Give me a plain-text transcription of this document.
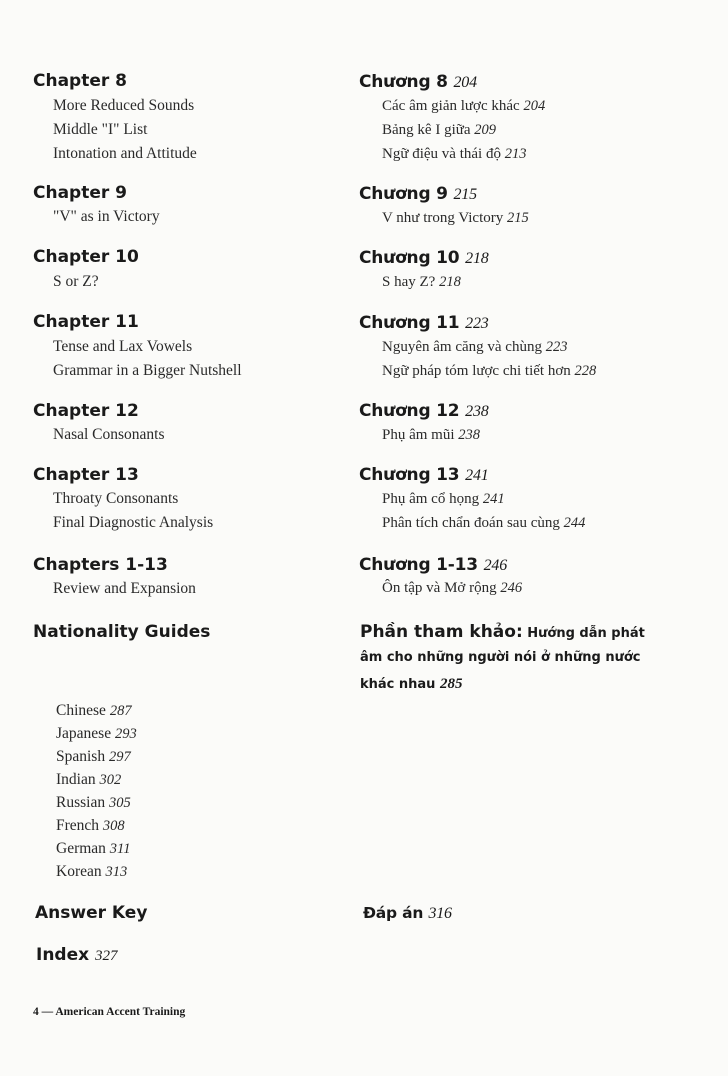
Chapter 8
More Reduced Sounds
Middle "I" List
Intonation and Attitude
Chapter 9
"V" as in Victory
Chapter 10
S or Z?
Chapter 11
Tense and Lax Vowels
Grammar in a Bigger Nutshell
Chapter 12
Nasal Consonants
Chapter 13
Throaty Consonants
Final Diagnostic Analysis
Chapters 1-13
Review and Expansion
Nationality Guides
Chinese 287
Japanese 293
Spanish 297
Indian 302
Russian 305
French 308
German 311
Korean 313
Answer Key
Index 327
Chương 8 204
Các âm giản lược khác 204
Bảng kê I giữa 209
Ngữ điệu và thái độ 213
Chương 9 215
V như trong Victory 215
Chương 10 218
S hay Z? 218
Chương 11 223
Nguyên âm căng và chùng 223
Ngữ pháp tóm lược chi tiết hơn 228
Chương 12 238
Phụ âm mũi 238
Chương 13 241
Phụ âm cổ họng 241
Phân tích chẩn đoán sau cùng 244
Chương 1-13 246
Ôn tập và Mở rộng 246
Phần tham khảo: Hướng dẫn phát
âm cho những người nói ở những nước
khác nhau 285
Đáp án 316
4 — American Accent Training
